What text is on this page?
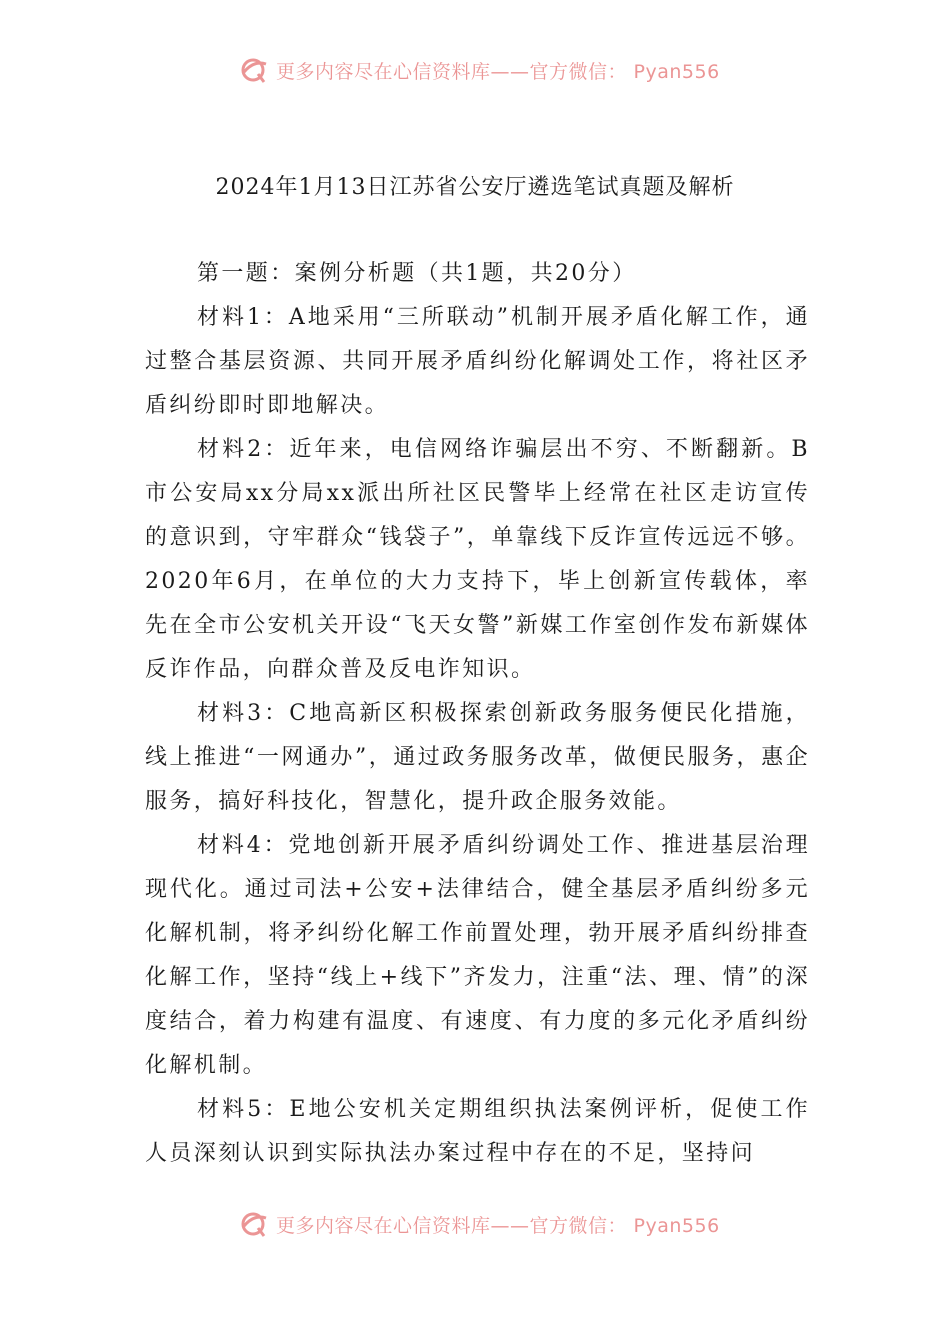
更多内容尽在心信资料库——官方微信： Pyan556
2024年1月13日江苏省公安厅遴选笔试真题及解析

第一题：案例分析题（共1题，共20分）

材料1：A地采用“三所联动”机制开展矛盾化解工作，通过整合基层资源、共同开展矛盾纠纷化解调处工作，将社区矛盾纠纷即时即地解决。

材料2：近年来，电信网络诈骗层出不穷、不断翻新。B市公安局xx分局xx派出所社区民警毕上经常在社区走访宣传的意识到，守牢群众“钱袋子”，单靠线下反诈宣传远远不够。2020年6月，在单位的大力支持下，毕上创新宣传载体，率先在全市公安机关开设“飞天女警”新媒工作室创作发布新媒体反诈作品，向群众普及反电诈知识。

材料3：C地高新区积极探索创新政务服务便民化措施，线上推进“一网通办”，通过政务服务改革，做便民服务，惠企服务，搞好科技化，智慧化，提升政企服务效能。

材料4：党地创新开展矛盾纠纷调处工作、推进基层治理现代化。通过司法+公安+法律结合，健全基层矛盾纠纷多元化解机制，将矛纠纷化解工作前置处理，勃开展矛盾纠纷排查化解工作，坚持“线上+线下”齐发力，注重“法、理、情”的深度结合，着力构建有温度、有速度、有力度的多元化矛盾纠纷化解机制。

材料5：E地公安机关定期组织执法案例评析，促使工作人员深刻认识到实际执法办案过程中存在的不足，坚持问

更多内容尽在心信资料库——官方微信： Pyan556
